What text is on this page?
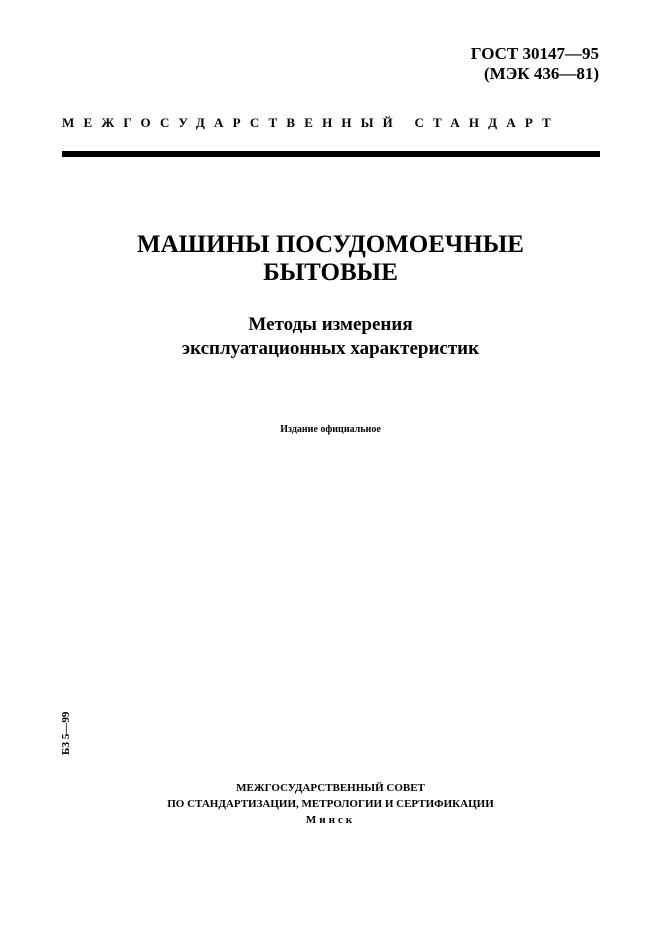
ГОСТ 30147—95
(МЭК 436—81)
МЕЖГОСУДАРСТВЕННЫЙ СТАНДАРТ
МАШИНЫ ПОСУДОМОЕЧНЫЕ
БЫТОВЫЕ
Методы измерения
эксплуатационных характеристик
Издание официальное
БЗ 5—99
МЕЖГОСУДАРСТВЕННЫЙ СОВЕТ
ПО СТАНДАРТИЗАЦИИ, МЕТРОЛОГИИ И СЕРТИФИКАЦИИ
Минск
